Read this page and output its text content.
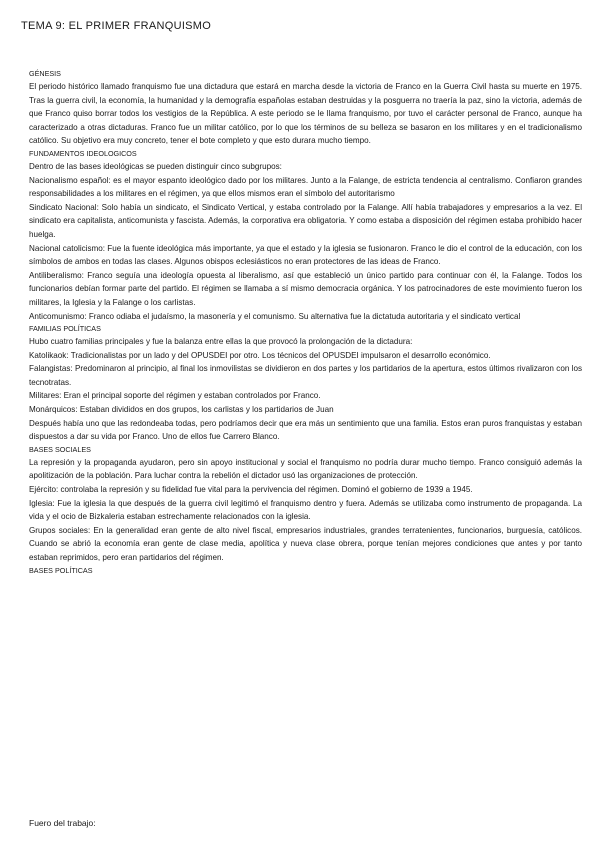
TEMA 9: EL PRIMER FRANQUISMO
GÉNESIS

El periodo histórico llamado franquismo fue una dictadura que estará en marcha desde la victoria de Franco en la Guerra Civil hasta su muerte en 1975. Tras la guerra civil, la economía, la humanidad y la demografía españolas estaban destruidas y la posguerra no traería la paz, sino la victoria, además de que Franco quiso borrar todos los vestigios de la República. A este periodo se le llama franquismo, por tuvo el carácter personal de Franco, aunque ha caracterizado a otras dictaduras. Franco fue un militar católico, por lo que los términos de su belleza se basaron en los militares y en el tradicionalismo católico. Su objetivo era muy concreto, tener el bote completo y que esto durara mucho tiempo.

FUNDAMENTOS IDEOLOGICOS

Dentro de las bases ideológicas se pueden distinguir cinco subgrupos:

Nacionalismo español: es el mayor espanto ideológico dado por los militares. Junto a la Falange, de estricta tendencia al centralismo. Confiaron grandes responsabilidades a los militares en el régimen, ya que ellos mismos eran el símbolo del autoritarismo

Sindicato Nacional: Solo había un sindicato, el Sindicato Vertical, y estaba controlado por la Falange. Allí había trabajadores y empresarios a la vez. El sindicato era capitalista, anticomunista y fascista. Además, la corporativa era obligatoria. Y como estaba a disposición del régimen estaba prohibido hacer huelga.

Nacional catolicismo: Fue la fuente ideológica más importante, ya que el estado y la iglesia se fusionaron. Franco le dio el control de la educación, con los símbolos de ambos en todas las clases. Algunos obispos eclesiásticos no eran protectores de las ideas de Franco.

Antiliberalismo: Franco seguía una ideología opuesta al liberalismo, así que estableció un único partido para continuar con él, la Falange. Todos los funcionarios debían formar parte del partido. El régimen se llamaba a sí mismo democracia orgánica. Y los patrocinadores de este movimiento fueron los militares, la Iglesia y la Falange o los carlistas.

Anticomunismo: Franco odiaba el judaísmo, la masonería y el comunismo. Su alternativa fue la dictatuda autoritaria y el sindicato vertical

FAMILIAS POLÍTICAS

Hubo cuatro familias principales y fue la balanza entre ellas la que provocó la prolongación de la dictadura:

Katolikaok: Tradicionalistas por un lado y del OPUSDEI por otro. Los técnicos del OPUSDEI impulsaron el desarrollo económico.

Falangistas: Predominaron al principio, al final los inmovilistas se dividieron en dos partes y los partidarios de la apertura, estos últimos rivalizaron con los tecnotratas.

Militares: Eran el principal soporte del régimen y estaban controlados por Franco.

Monárquicos: Estaban divididos en dos grupos, los carlistas y los partidarios de Juan

Después había uno que las redondeaba todas, pero podríamos decir que era más un sentimiento que una familia. Estos eran puros franquistas y estaban dispuestos a dar su vida por Franco. Uno de ellos fue Carrero Blanco.

BASES SOCIALES

La represión y la propaganda ayudaron, pero sin apoyo institucional y social el franquismo no podría durar mucho tiempo. Franco consiguió además la apolitización de la población. Para luchar contra la rebelión el dictador usó las organizaciones de protección.

Ejército: controlaba la represión y su fidelidad fue vital para la pervivencia del régimen. Dominó el gobierno de 1939 a 1945.

Iglesia: Fue la iglesia la que después de la guerra civil legitimó el franquismo dentro y fuera. Además se utilizaba como instrumento de propaganda. La vida y el ocio de Bizkaleria estaban estrechamente relacionados con la iglesia.

Grupos sociales: En la generalidad eran gente de alto nivel fiscal, empresarios industriales, grandes terratenientes, funcionarios, burguesía, católicos. Cuando se abrió la economía eran gente de clase media, apolítica y nueva clase obrera, porque tenían mejores condiciones que antes y por tanto estaban reprimidos, pero eran partidarios del régimen.

BASES POLÍTICAS
Fuero del trabajo:
